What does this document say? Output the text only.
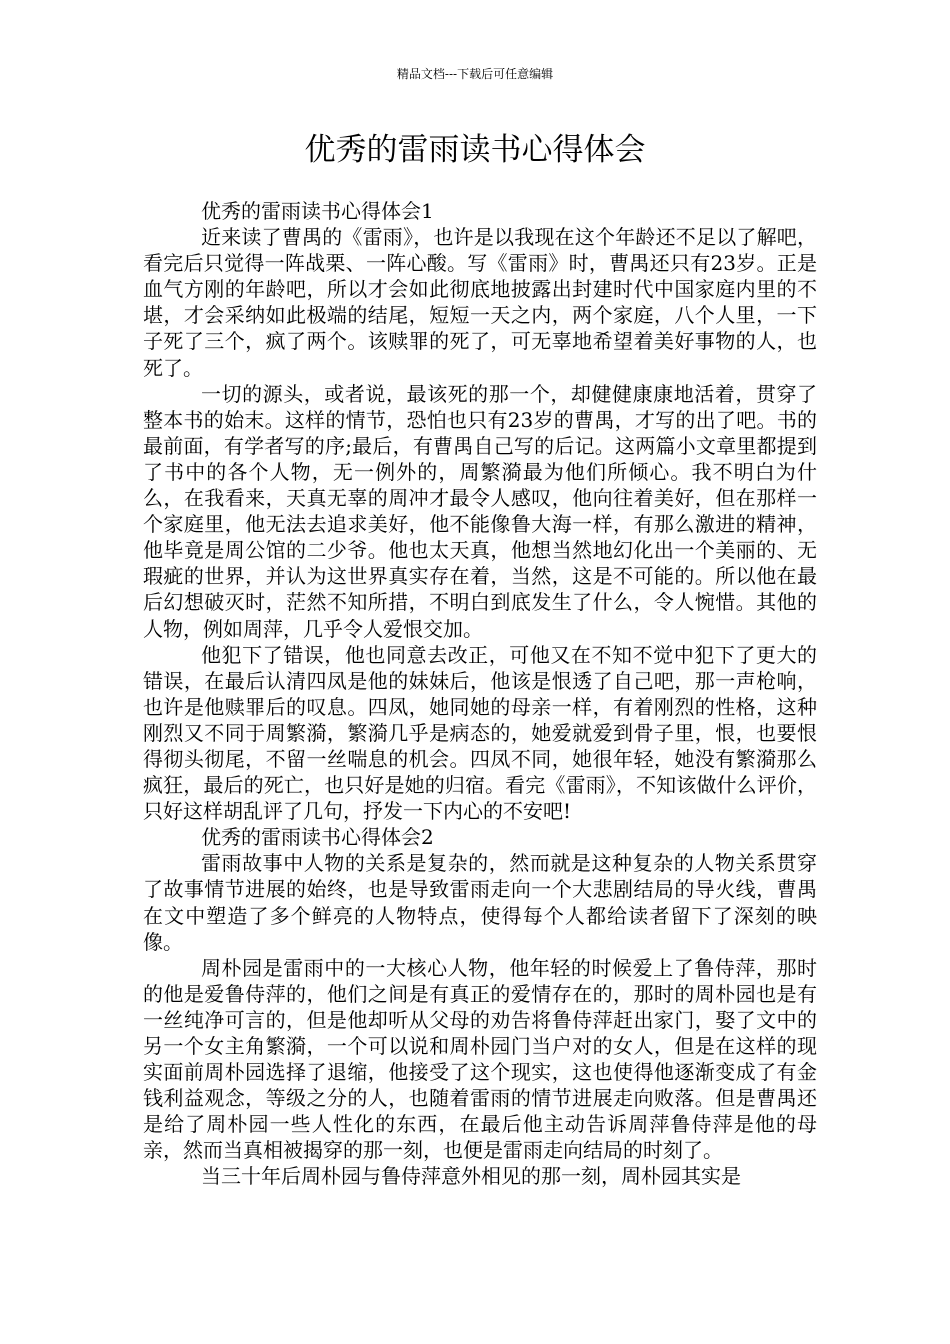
精品文档---下载后可任意编辑
优秀的雷雨读书心得体会

优秀的雷雨读书心得体会1

近来读了曹禺的《雷雨》，也许是以我现在这个年龄还不足以了解吧，看完后只觉得一阵战栗、一阵心酸。写《雷雨》时，曹禺还只有23岁。正是血气方刚的年龄吧，所以才会如此彻底地披露出封建时代中国家庭内里的不堪，才会采纳如此极端的结尾，短短一天之内，两个家庭，八个人里，一下子死了三个，疯了两个。该赎罪的死了，可无辜地希望着美好事物的人，也死了。

一切的源头，或者说，最该死的那一个，却健健康康地活着，贯穿了整本书的始末。这样的情节，恐怕也只有23岁的曹禺，才写的出了吧。书的最前面，有学者写的序;最后，有曹禺自己写的后记。这两篇小文章里都提到了书中的各个人物，无一例外的，周繁漪最为他们所倾心。我不明白为什么，在我看来，天真无辜的周冲才最令人感叹，他向往着美好，但在那样一个家庭里，他无法去追求美好，他不能像鲁大海一样，有那么激进的精神，他毕竟是周公馆的二少爷。他也太天真，他想当然地幻化出一个美丽的、无瑕疵的世界，并认为这世界真实存在着，当然，这是不可能的。所以他在最后幻想破灭时，茫然不知所措，不明白到底发生了什么，令人惋惜。其他的人物，例如周萍，几乎令人爱恨交加。

他犯下了错误，他也同意去改正，可他又在不知不觉中犯下了更大的错误，在最后认清四凤是他的妹妹后，他该是恨透了自己吧，那一声枪响，也许是他赎罪后的叹息。四凤，她同她的母亲一样，有着刚烈的性格，这种刚烈又不同于周繁漪，繁漪几乎是病态的，她爱就爱到骨子里，恨，也要恨得彻头彻尾，不留一丝喘息的机会。四凤不同，她很年轻，她没有繁漪那么疯狂，最后的死亡，也只好是她的归宿。看完《雷雨》，不知该做什么评价，只好这样胡乱评了几句，抒发一下内心的不安吧!

优秀的雷雨读书心得体会2

雷雨故事中人物的关系是复杂的，然而就是这种复杂的人物关系贯穿了故事情节进展的始终，也是导致雷雨走向一个大悲剧结局的导火线，曹禺在文中塑造了多个鲜亮的人物特点，使得每个人都给读者留下了深刻的映像。

周朴园是雷雨中的一大核心人物，他年轻的时候爱上了鲁侍萍，那时的他是爱鲁侍萍的，他们之间是有真正的爱情存在的，那时的周朴园也是有一丝纯净可言的，但是他却听从父母的劝告将鲁侍萍赶出家门，娶了文中的另一个女主角繁漪，一个可以说和周朴园门当户对的女人，但是在这样的现实面前周朴园选择了退缩，他接受了这个现实，这也使得他逐渐变成了有金钱利益观念，等级之分的人，也随着雷雨的情节进展走向败落。但是曹禺还是给了周朴园一些人性化的东西，在最后他主动告诉周萍鲁侍萍是他的母亲，然而当真相被揭穿的那一刻，也便是雷雨走向结局的时刻了。

当三十年后周朴园与鲁侍萍意外相见的那一刻，周朴园其实是
